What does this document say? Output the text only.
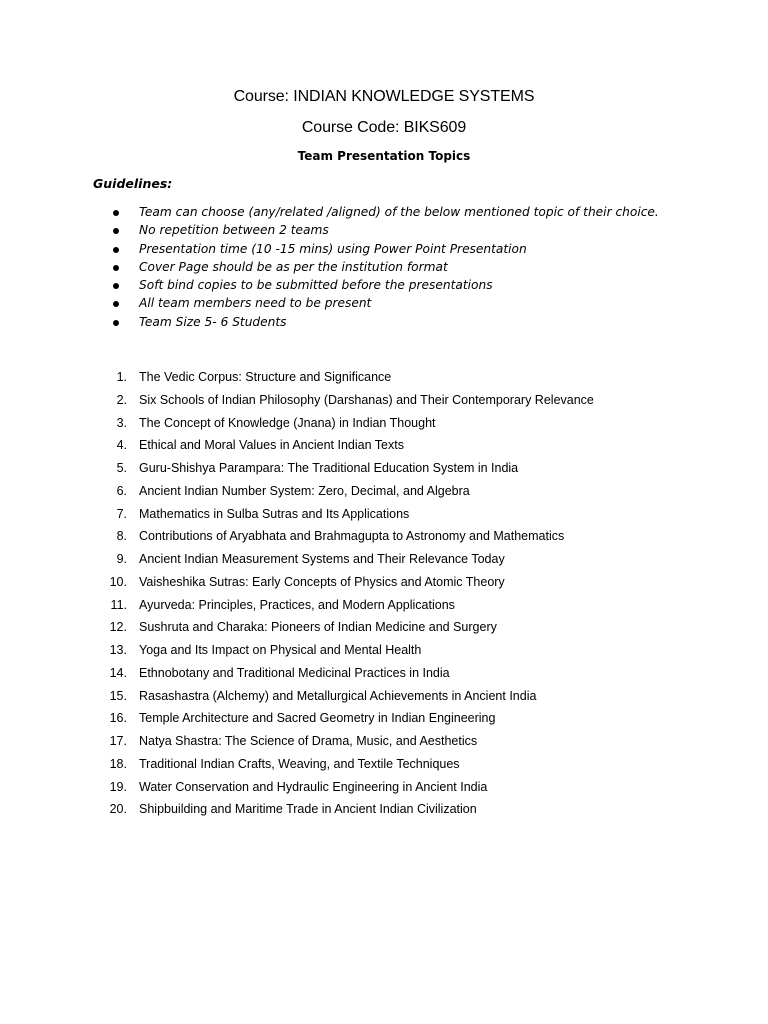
Course: INDIAN KNOWLEDGE SYSTEMS
Course Code: BIKS609
Team Presentation Topics
Guidelines:
Team can choose (any/related /aligned) of the below mentioned topic of their choice.
No repetition between 2 teams
Presentation time (10 -15 mins) using Power Point Presentation
Cover Page should be as per the institution format
Soft bind copies to be submitted before the presentations
All team members need to be present
Team Size 5- 6 Students
1. The Vedic Corpus: Structure and Significance
2. Six Schools of Indian Philosophy (Darshanas) and Their Contemporary Relevance
3. The Concept of Knowledge (Jnana) in Indian Thought
4. Ethical and Moral Values in Ancient Indian Texts
5. Guru-Shishya Parampara: The Traditional Education System in India
6. Ancient Indian Number System: Zero, Decimal, and Algebra
7. Mathematics in Sulba Sutras and Its Applications
8. Contributions of Aryabhata and Brahmagupta to Astronomy and Mathematics
9. Ancient Indian Measurement Systems and Their Relevance Today
10. Vaisheshika Sutras: Early Concepts of Physics and Atomic Theory
11. Ayurveda: Principles, Practices, and Modern Applications
12. Sushruta and Charaka: Pioneers of Indian Medicine and Surgery
13. Yoga and Its Impact on Physical and Mental Health
14. Ethnobotany and Traditional Medicinal Practices in India
15. Rasashastra (Alchemy) and Metallurgical Achievements in Ancient India
16. Temple Architecture and Sacred Geometry in Indian Engineering
17. Natya Shastra: The Science of Drama, Music, and Aesthetics
18. Traditional Indian Crafts, Weaving, and Textile Techniques
19. Water Conservation and Hydraulic Engineering in Ancient India
20. Shipbuilding and Maritime Trade in Ancient Indian Civilization
